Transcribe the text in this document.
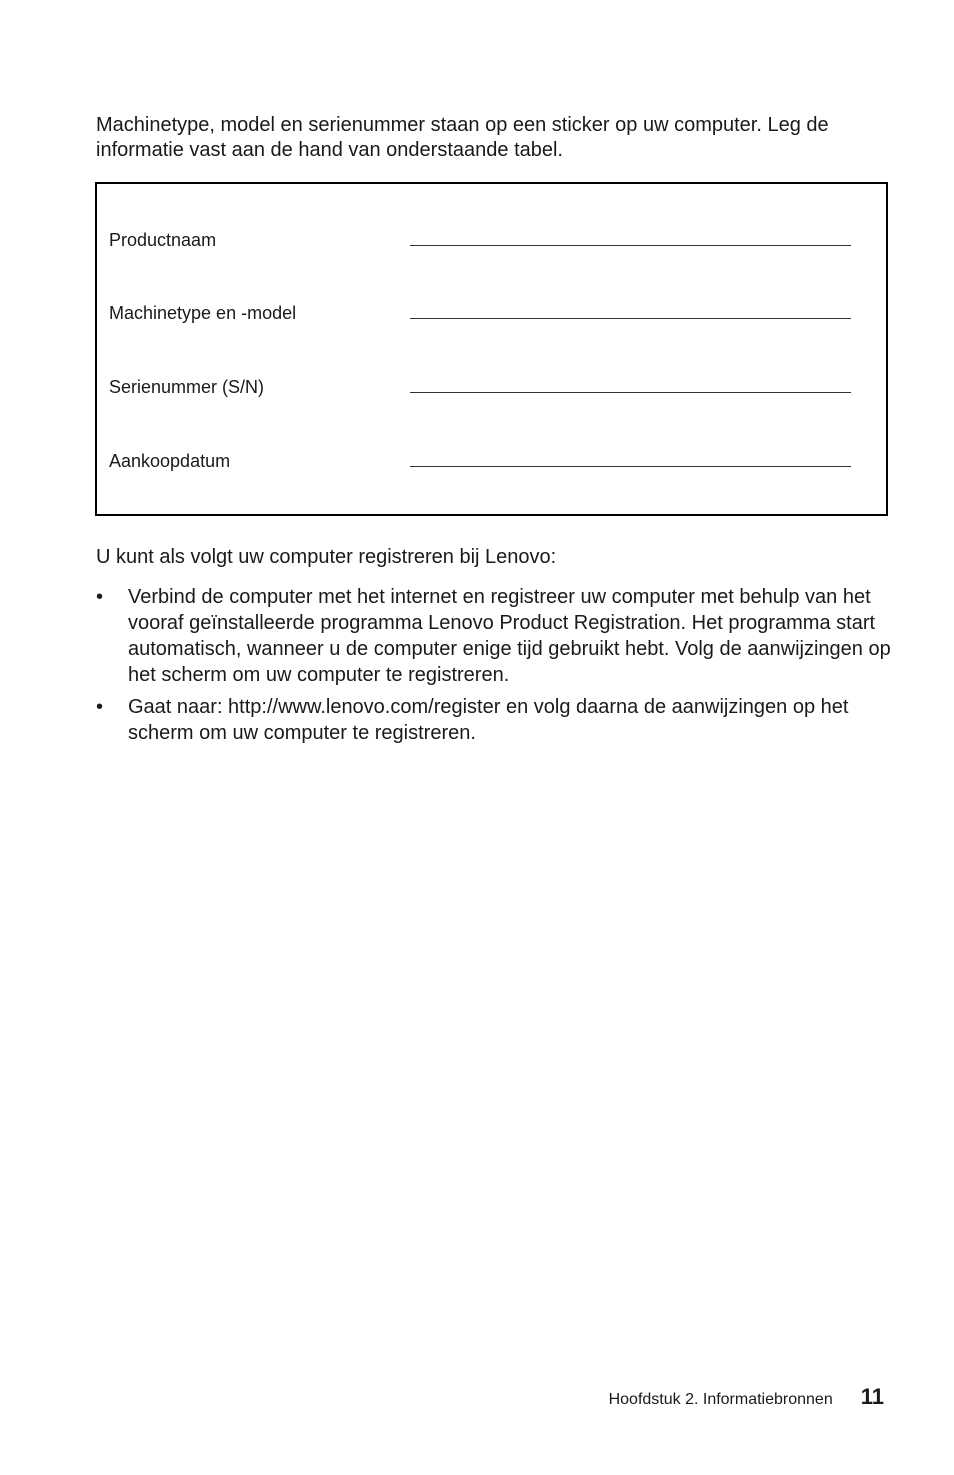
Machinetype, model en serienummer staan op een sticker op uw computer. Leg de informatie vast aan de hand van onderstaande tabel.

Productnaam
Machinetype en -model
Serienummer (S/N)
Aankoopdatum

U kunt als volgt uw computer registreren bij Lenovo:

• Verbind de computer met het internet en registreer uw computer met behulp van het vooraf geïnstalleerde programma Lenovo Product Registration. Het programma start automatisch, wanneer u de computer enige tijd gebruikt hebt. Volg de aanwijzingen op het scherm om uw computer te registreren.
• Gaat naar: http://www.lenovo.com/register en volg daarna de aanwijzingen op het scherm om uw computer te registreren.
Hoofdstuk 2. Informatiebronnen 11
